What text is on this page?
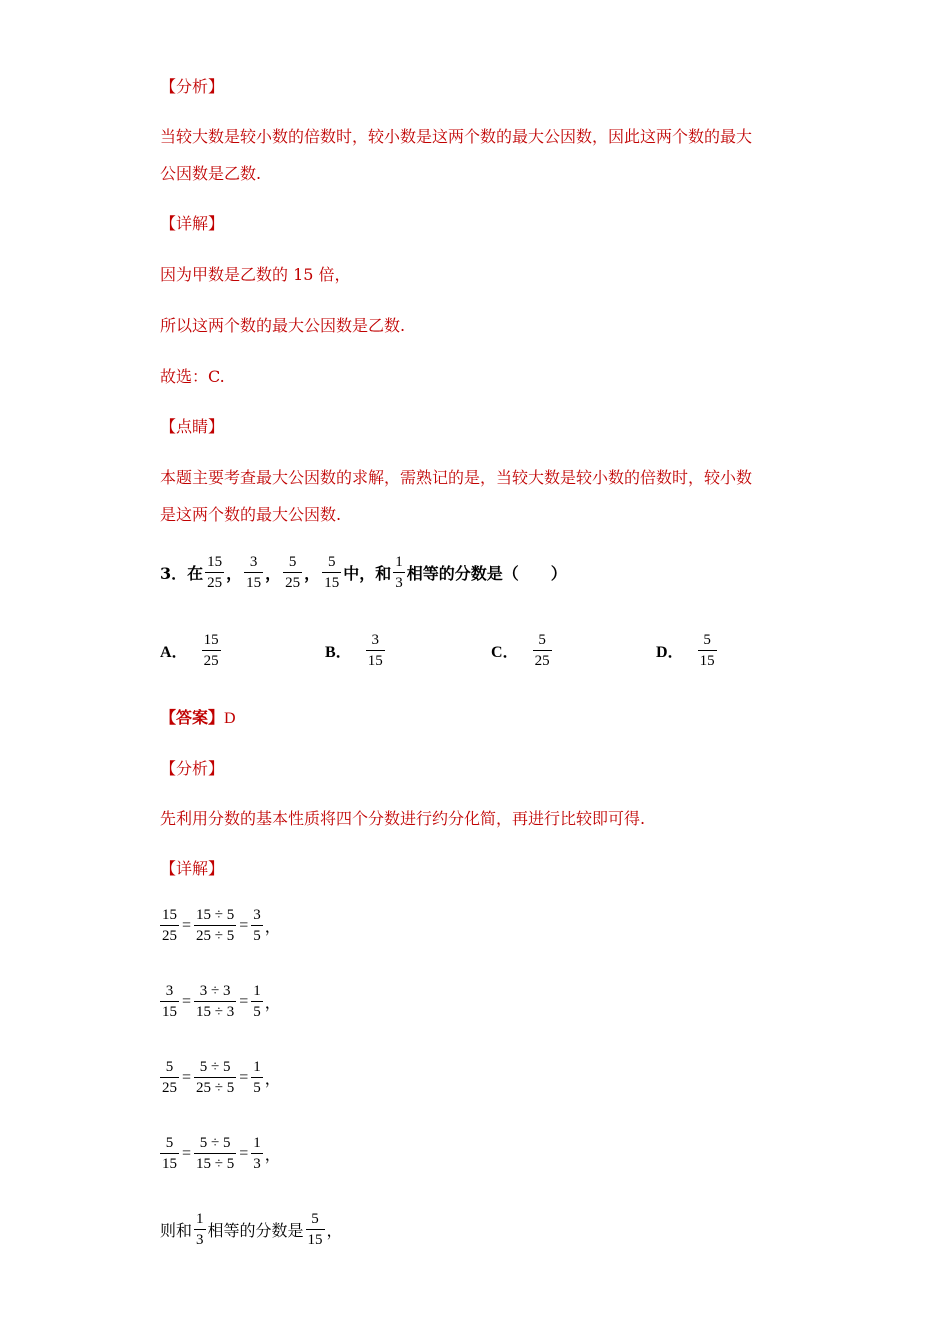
【分析】
当较大数是较小数的倍数时，较小数是这两个数的最大公因数，因此这两个数的最大
公因数是乙数.
【详解】
因为甲数是乙数的 15 倍，
所以这两个数的最大公因数是乙数.
故选：C.
【点睛】
本题主要考查最大公因数的求解，需熟记的是，当较大数是较小数的倍数时，较小数
是这两个数的最大公因数.
3．在 $\frac{15}{25}$ ， $\frac{3}{15}$ ， $\frac{5}{25}$ ， $\frac{5}{15}$ 中，和 $\frac{1}{3}$ 相等的分数是（　　）
A． $\frac{15}{25}$	B． $\frac{3}{15}$	C． $\frac{5}{25}$	D． $\frac{5}{15}$
【答案】D
【分析】
先利用分数的基本性质将四个分数进行约分化简，再进行比较即可得.
【详解】
$\frac{15}{25} = \frac{15 \div 5}{25 \div 5} = \frac{3}{5}$ ，
$\frac{3}{15} = \frac{3 \div 3}{15 \div 3} = \frac{1}{5}$ ，
$\frac{5}{25} = \frac{5 \div 5}{25 \div 5} = \frac{1}{5}$ ，
$\frac{5}{15} = \frac{5 \div 5}{15 \div 5} = \frac{1}{3}$ ，
则和 $\frac{1}{3}$ 相等的分数是 $\frac{5}{15}$ ，
